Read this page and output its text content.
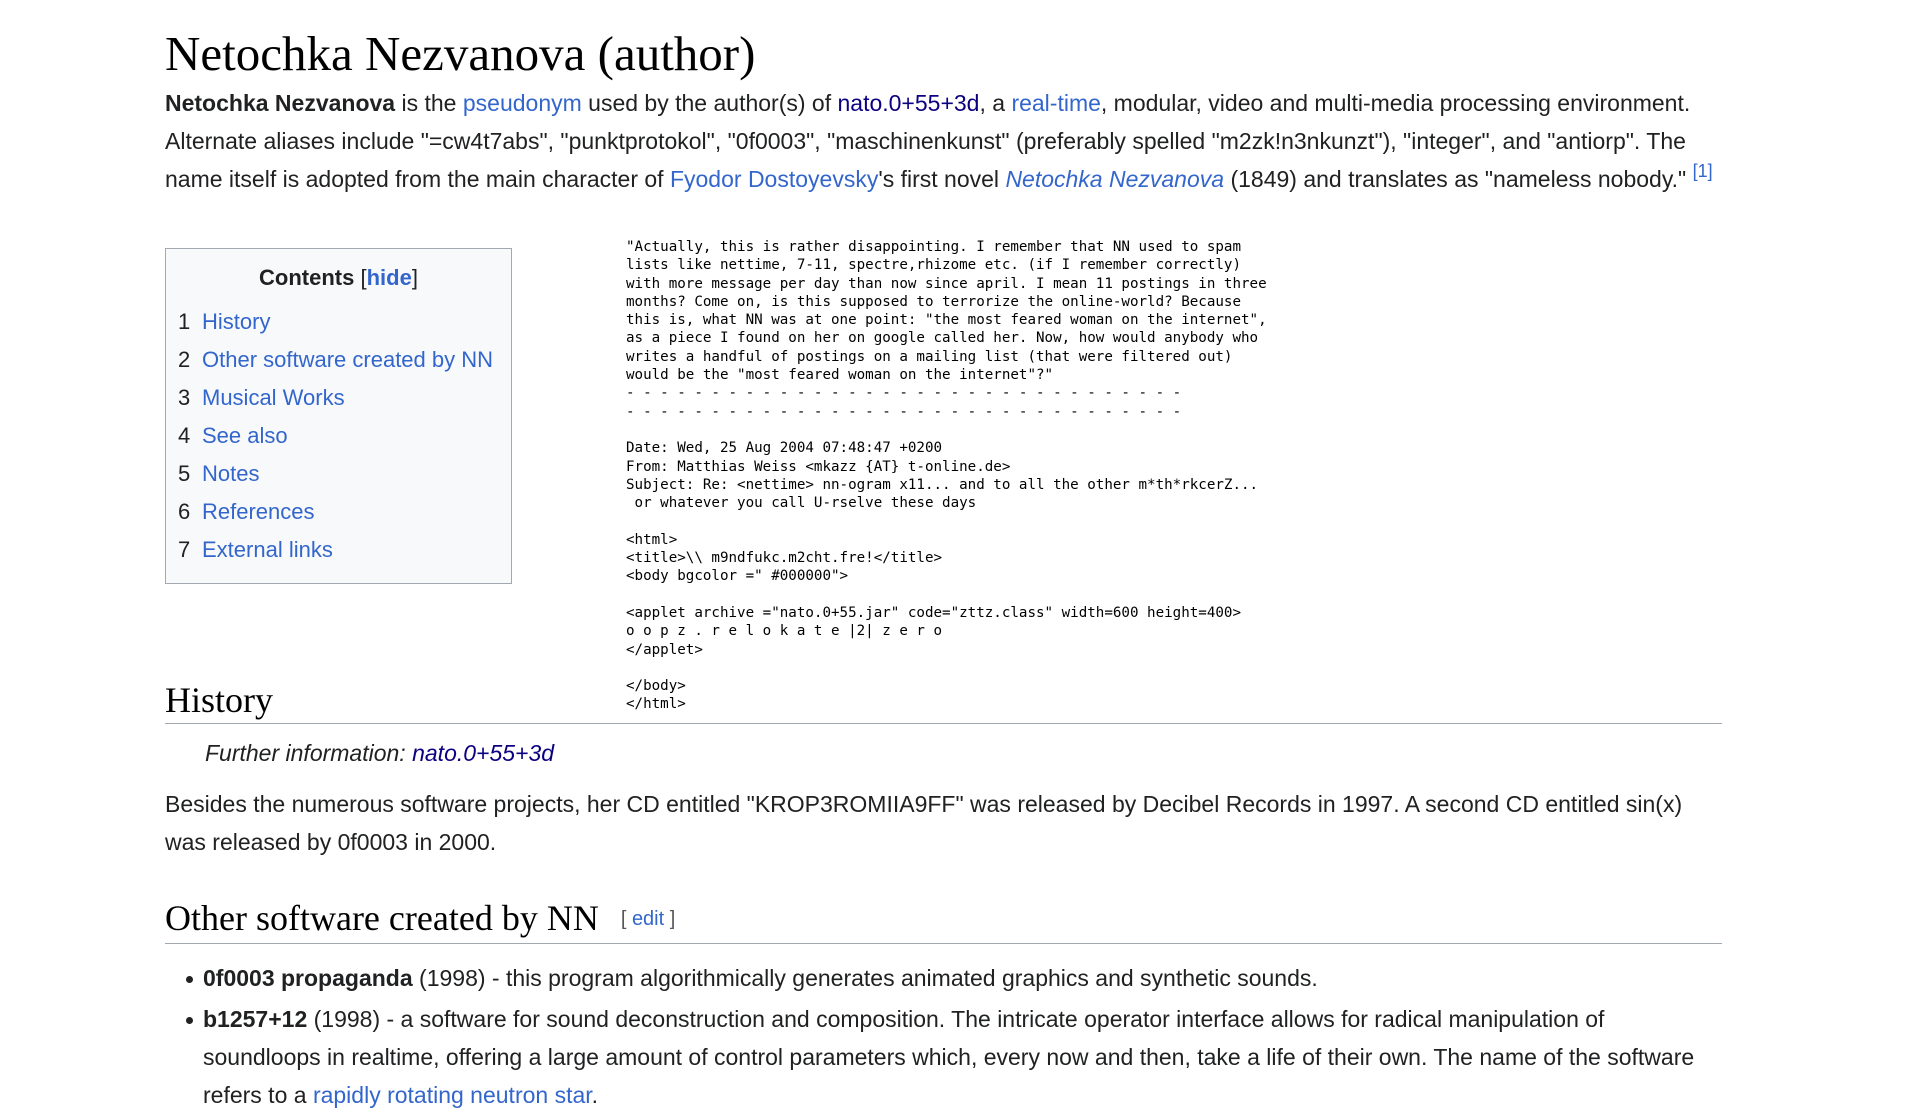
Netochka Nezvanova (author)

Netochka Nezvanova is the pseudonym used by the author(s) of nato.0+55+3d, a real-time, modular, video and multi-media processing environment. Alternate aliases include "=cw4t7abs", "punktprotokol", "0f0003", "maschinenkunst" (preferably spelled "m2zk!n3nkunzt"), "integer", and "antiorp". The name itself is adopted from the main character of Fyodor Dostoyevsky's first novel Netochka Nezvanova (1849) and translates as "nameless nobody." [1]

Contents [hide]
1 History
2 Other software created by NN
3 Musical Works
4 See also
5 Notes
6 References
7 External links
"Actually, this is rather disappointing. I remember that NN used to spam
lists like nettime, 7-11, spectre,rhizome etc. (if I remember correctly)
with more message per day than now since april. I mean 11 postings in three
months? Come on, is this supposed to terrorize the online-world? Because
this is, what NN was at one point: "the most feared woman on the internet",
as a piece I found on her on google called her. Now, how would anybody who
writes a handful of postings on a mailing list (that were filtered out)
would be the "most feared woman on the internet"?"
- - - - - - - - - - - - - - - - - - - - - - - - - - - - - - - - -
- - - - - - - - - - - - - - - - - - - - - - - - - - - - - - - - -

Date: Wed, 25 Aug 2004 07:48:47 +0200
From: Matthias Weiss <mkazz {AT} t-online.de>
Subject: Re: <nettime> nn-ogram x11... and to all the other m*th*rkcerZ...
or whatever you call U-rselve these days

<html>
<title>\\ m9ndfukc.m2cht.fre!</title>
<body bgcolor =" #000000">

<applet archive ="nato.0+55.jar" code="zttz.class" width=600 height=400>
o o p z . r e l o k a t e |2| z e r o
</applet>

</body>
</html>
History

Further information: nato.0+55+3d

Besides the numerous software projects, her CD entitled "KROP3ROMIIA9FF" was released by Decibel Records in 1997. A second CD entitled sin(x) was released by 0f0003 in 2000.

Other software created by NN [ edit ]
0f0003 propaganda (1998) - this program algorithmically generates animated graphics and synthetic sounds.
b1257+12 (1998) - a software for sound deconstruction and composition. The intricate operator interface allows for radical manipulation of soundloops in realtime, offering a large amount of control parameters which, every now and then, take a life of their own. The name of the software refers to a rapidly rotating neutron star.
